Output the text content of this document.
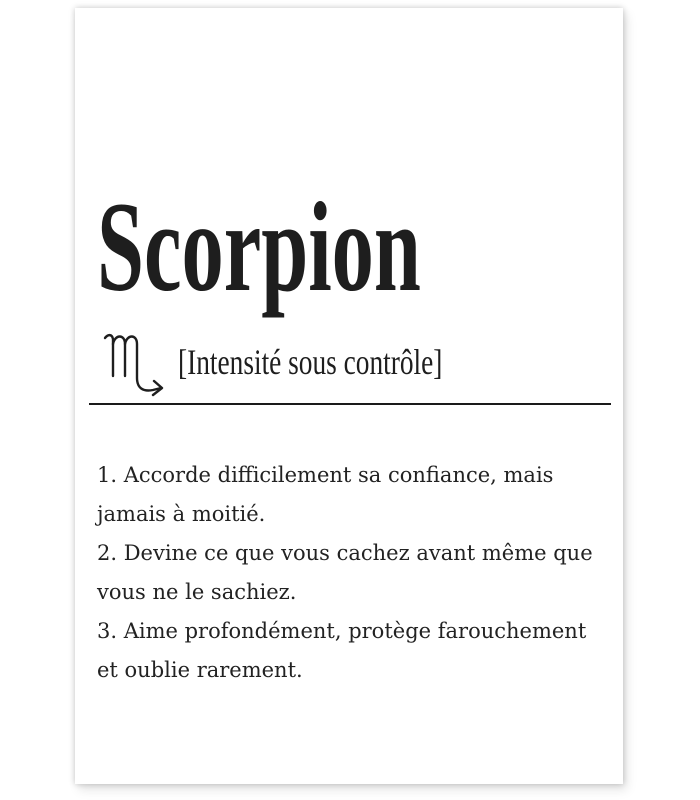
Scorpion
[Intensité sous contrôle]
1. Accorde difficilement sa confiance, mais jamais à moitié.
2. Devine ce que vous cachez avant même que vous ne le sachiez.
3. Aime profondément, protège farouchement et oublie rarement.
